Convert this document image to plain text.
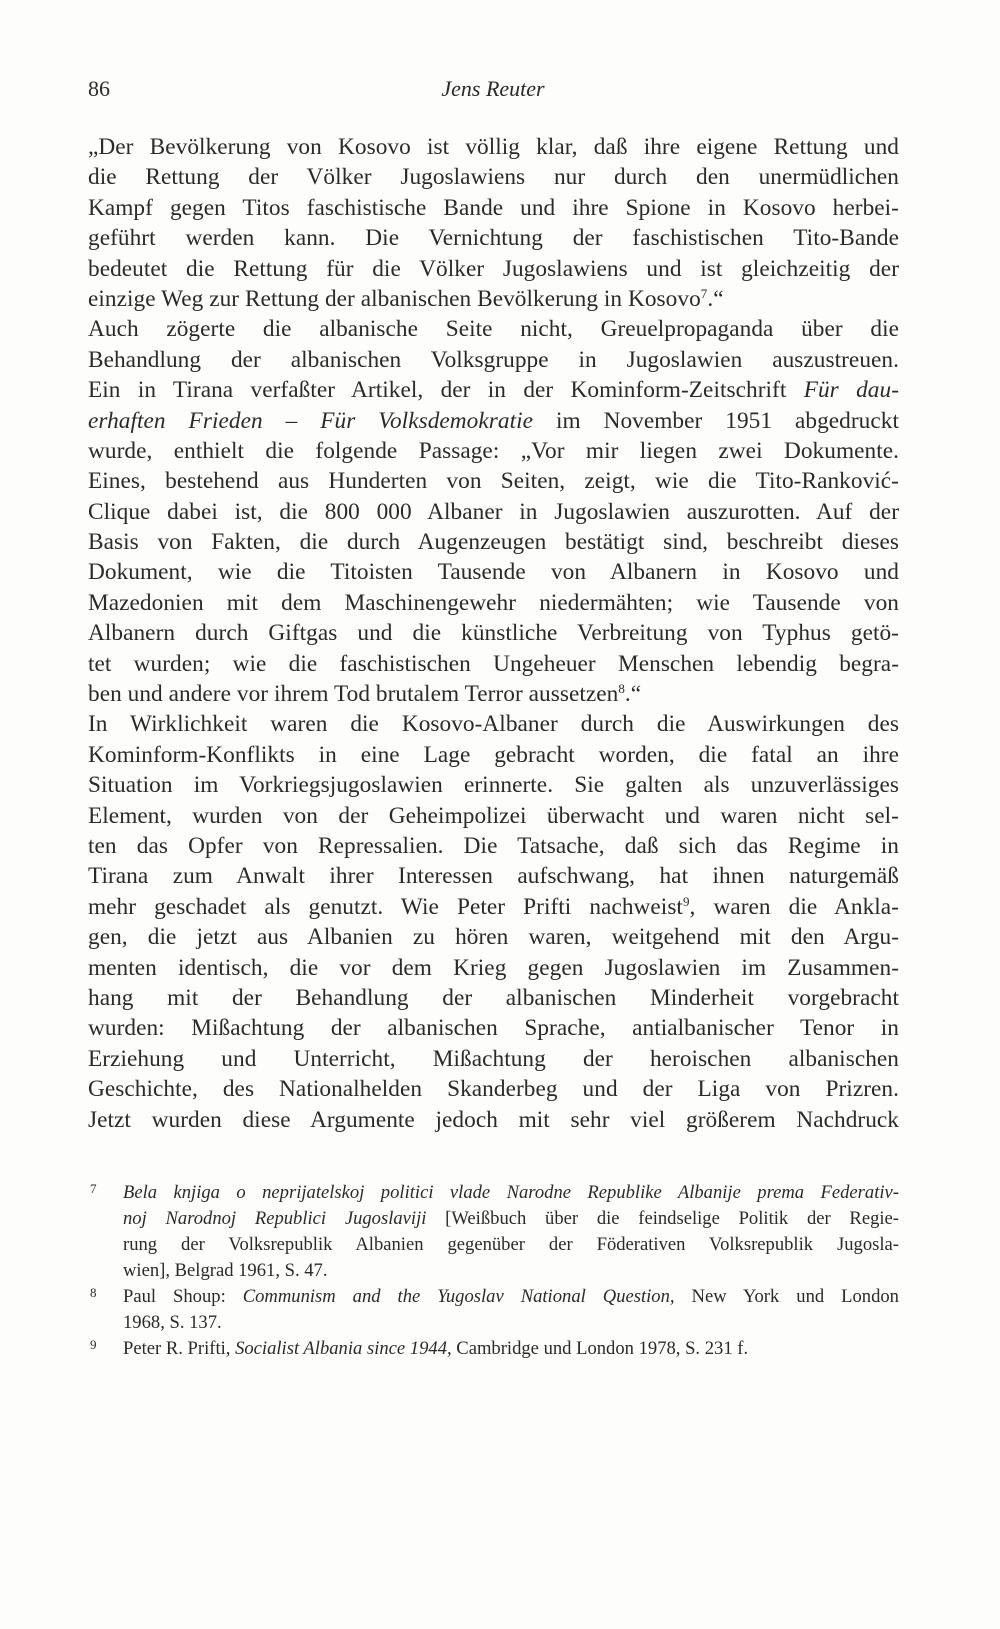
86	Jens Reuter

„Der Bevölkerung von Kosovo ist völlig klar, daß ihre eigene Rettung und
die Rettung der Völker Jugoslawiens nur durch den unermüdlichen
Kampf gegen Titos faschistische Bande und ihre Spione in Kosovo herbei-
geführt werden kann. Die Vernichtung der faschistischen Tito-Bande
bedeutet die Rettung für die Völker Jugoslawiens und ist gleichzeitig der
einzige Weg zur Rettung der albanischen Bevölkerung in Kosovo$^7$.“

Auch zögerte die albanische Seite nicht, Greuelpropaganda über die
Behandlung der albanischen Volksgruppe in Jugoslawien auszustreuen.
Ein in Tirana verfaßter Artikel, der in der Kominform-Zeitschrift Für dau-
erhaften Frieden – Für Volksdemokratie im November 1951 abgedruckt
wurde, enthielt die folgende Passage: „Vor mir liegen zwei Dokumente.
Eines, bestehend aus Hunderten von Seiten, zeigt, wie die Tito-Ranković-
Clique dabei ist, die 800 000 Albaner in Jugoslawien auszurotten. Auf der
Basis von Fakten, die durch Augenzeugen bestätigt sind, beschreibt dieses
Dokument, wie die Titoisten Tausende von Albanern in Kosovo und
Mazedonien mit dem Maschinengewehr niedermähten; wie Tausende von
Albanern durch Giftgas und die künstliche Verbreitung von Typhus getö-
tet wurden; wie die faschistischen Ungeheuer Menschen lebendig begra-
ben und andere vor ihrem Tod brutalem Terror aussetzen$^8$.“

In Wirklichkeit waren die Kosovo-Albaner durch die Auswirkungen des
Kominform-Konflikts in eine Lage gebracht worden, die fatal an ihre
Situation im Vorkriegsjugoslawien erinnerte. Sie galten als unzuverlässiges
Element, wurden von der Geheimpolizei überwacht und waren nicht sel-
ten das Opfer von Repressalien. Die Tatsache, daß sich das Regime in
Tirana zum Anwalt ihrer Interessen aufschwang, hat ihnen naturgemäß
mehr geschadet als genutzt. Wie Peter Prifti nachweist$^9$, waren die Ankla-
gen, die jetzt aus Albanien zu hören waren, weitgehend mit den Argu-
menten identisch, die vor dem Krieg gegen Jugoslawien im Zusammen-
hang mit der Behandlung der albanischen Minderheit vorgebracht
wurden: Mißachtung der albanischen Sprache, antialbanischer Tenor in
Erziehung und Unterricht, Mißachtung der heroischen albanischen
Geschichte, des Nationalhelden Skanderbeg und der Liga von Prizren.
Jetzt wurden diese Argumente jedoch mit sehr viel größerem Nachdruck

7 Bela knjiga o neprijatelskoj politici vlade Narodne Republike Albanije prema Federativ-
noj Narodnoj Republici Jugoslaviji [Weißbuch über die feindselige Politik der Regie-
rung der Volksrepublik Albanien gegenüber der Föderativen Volksrepublik Jugosla-
wien], Belgrad 1961, S. 47.
8 Paul Shoup: Communism and the Yugoslav National Question, New York und London
1968, S. 137.
9 Peter R. Prifti, Socialist Albania since 1944, Cambridge und London 1978, S. 231 f.
